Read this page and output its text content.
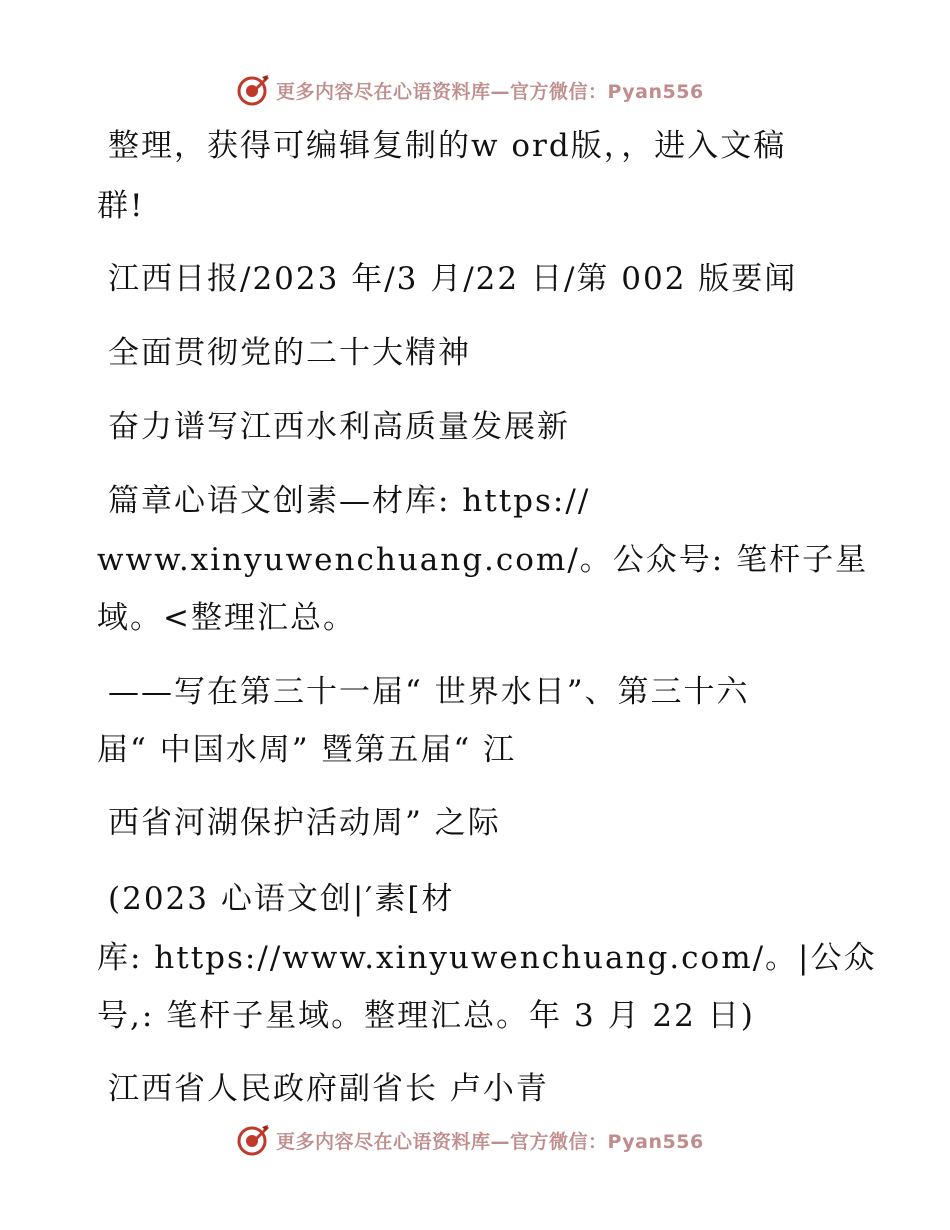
更多内容尽在心语资料库—官方微信：Pyan556
整理，获得可编辑复制的w ord版，，进入文稿
群!
江西日报/2023 年/3 月/22 日/第 002 版要闻
全面贯彻党的二十大精神
奋力谱写江西水利高质量发展新
篇章心语文创素—材库: https://
www.xinyuwenchuang.com/。公众号: 笔杆子星
域。<整理汇总。
——写在第三十一届“ 世界水日”、第三十六
届“ 中国水周” 暨第五届“ 江
西省河湖保护活动周” 之际
(2023 心语文创|′素[材
库: https://www.xinyuwenchuang.com/。|公众
号,: 笔杆子星域。整理汇总。年 3 月 22 日)
江西省人民政府副省长 卢小青
更多内容尽在心语资料库—官方微信：Pyan556
